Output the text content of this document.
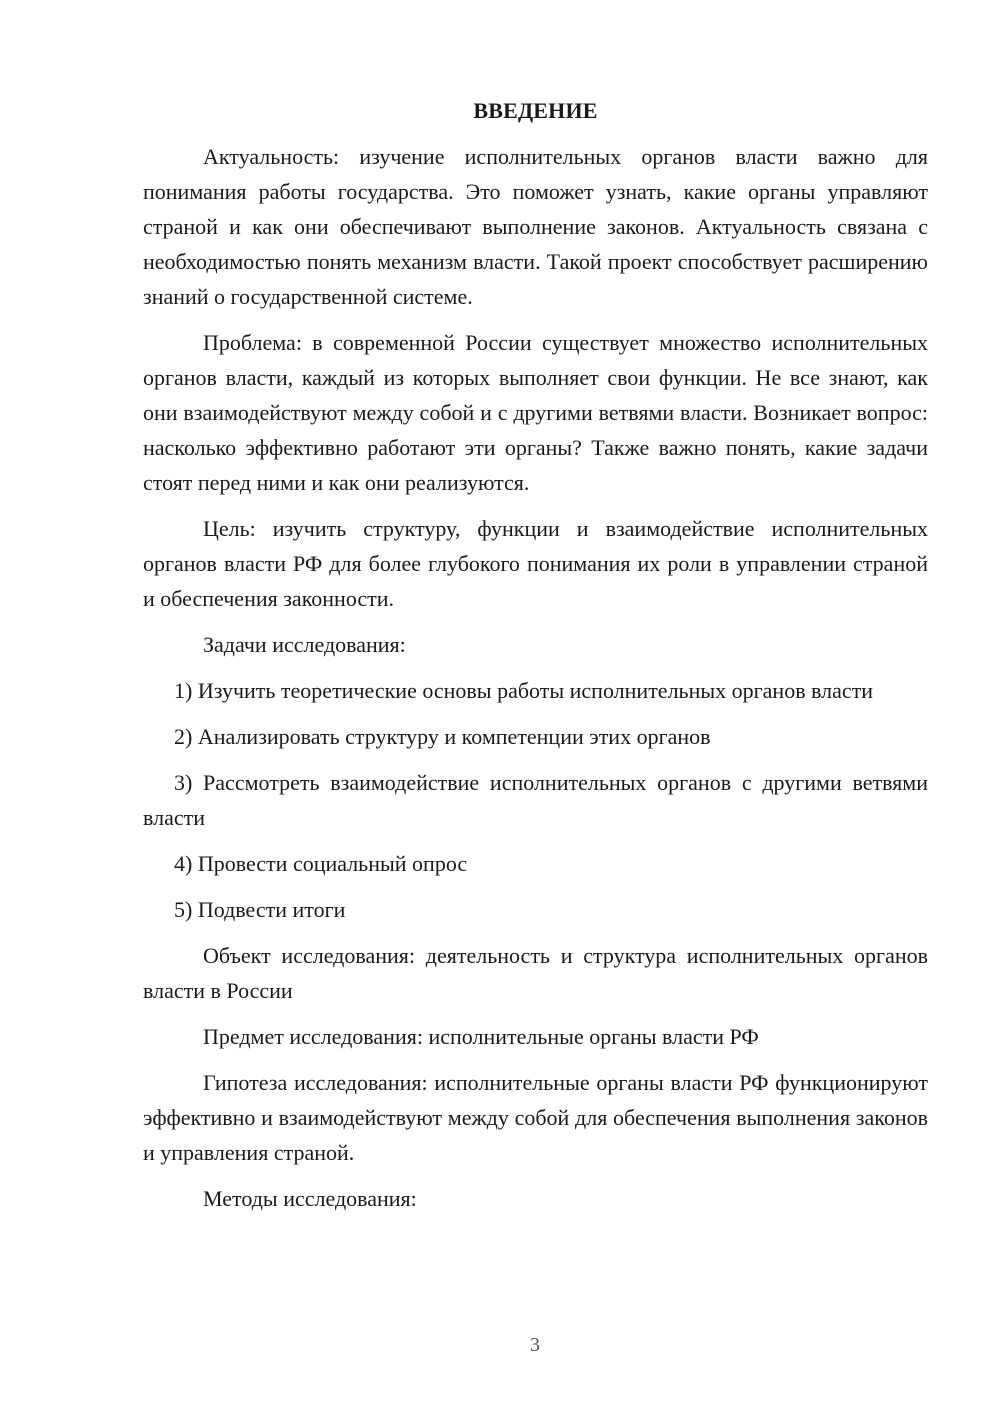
ВВЕДЕНИЕ

Актуальность: изучение исполнительных органов власти важно для понимания работы государства. Это поможет узнать, какие органы управляют страной и как они обеспечивают выполнение законов. Актуальность связана с необходимостью понять механизм власти. Такой проект способствует расширению знаний о государственной системе.

Проблема: в современной России существует множество исполнительных органов власти, каждый из которых выполняет свои функции. Не все знают, как они взаимодействуют между собой и с другими ветвями власти. Возникает вопрос: насколько эффективно работают эти органы? Также важно понять, какие задачи стоят перед ними и как они реализуются.

Цель: изучить структуру, функции и взаимодействие исполнительных органов власти РФ для более глубокого понимания их роли в управлении страной и обеспечения законности.

Задачи исследования:

1) Изучить теоретические основы работы исполнительных органов власти

2) Анализировать структуру и компетенции этих органов

3) Рассмотреть взаимодействие исполнительных органов с другими ветвями власти

4) Провести социальный опрос

5) Подвести итоги

Объект исследования: деятельность и структура исполнительных органов власти в России

Предмет исследования: исполнительные органы власти РФ

Гипотеза исследования: исполнительные органы власти РФ функционируют эффективно и взаимодействуют между собой для обеспечения выполнения законов и управления страной.

Методы исследования:

3
